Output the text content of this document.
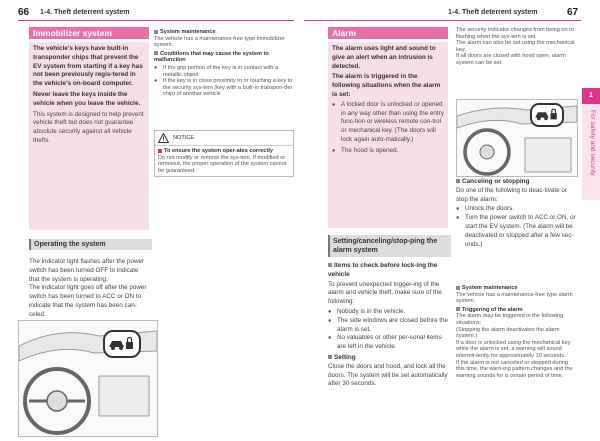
66 1-4. Theft deterrent system	1-4. Theft deterrent system	67
Immobilizer system
The vehicle’s keys have built-in transponder chips that prevent the EV system from starting if a key has not been previously regis-tered in the vehicle’s on-board computer.
Never leave the keys inside the vehicle when you leave the vehicle.
This system is designed to help prevent vehicle theft but does not guarantee absolute security against all vehicle thefts.
Operating the system
The indicator light flashes after the power switch has been turned OFF to indicate that the system is operating.
The indicator light goes off after the power switch has been turned to ACC or ON to indicate that the system has been can-celed.
System maintenance
The vehicle has a maintenance-free type immobilizer system.
Conditions that may cause the system to malfunction
● If the grip portion of the key is in contact with a metallic object
● If the key is in close proximity to or touching a key to the security sys-tem (key with a built-in transpon-der chip) of another vehicle
NOTICE
To ensure the system oper-ates correctly
Do not modify or remove the sys-tem. If modified or removed, the proper operation of the system cannot be guaranteed.
Alarm
The alarm uses light and sound to give an alert when an intrusion is detected.
The alarm is triggered in the following situations when the alarm is set:
● A locked door is unlocked or opened in any way other than using the entry func-tion or wireless remote con-trol or mechanical key. (The doors will lock again auto-matically.)
● The hood is opened.
Setting/canceling/stop-ping the alarm system
Items to check before lock-ing the vehicle
To prevent unexpected trigger-ing of the alarm and vehicle theft, make sure of the following:
● Nobody is in the vehicle.
● The side windows are closed before the alarm is set.
● No valuables or other per-sonal items are left in the vehicle.
Setting
Close the doors and hood, and lock all the doors. The system will be set automatically after 30 seconds.
The security indicator changes from being on to flashing when the sys-tem is set.
The alarm can also be set using the mechanical key.
If all doors are closed with hood open, alarm system can be set.
Canceling or stopping
Do one of the following to deac-tivate or stop the alarm:
● Unlock the doors.
● Turn the power switch to ACC or ON, or start the EV system. (The alarm will be deactivated or stopped after a few sec-onds.)
System maintenance
The vehicle has a maintenance-free type alarm system.
Triggering of the alarm
The alarm may be triggered in the following situations:
(Stopping the alarm deactivates the alarm system.)
If a door is unlocked using the mechanical key while the alarm is set, a warning will sound intermit-tently for approximately 10 seconds.
If the alarm is not canceled or stopped during this time, the warn-ing pattern changes and the warning sounds for a certain period of time.
1
For safety and security
